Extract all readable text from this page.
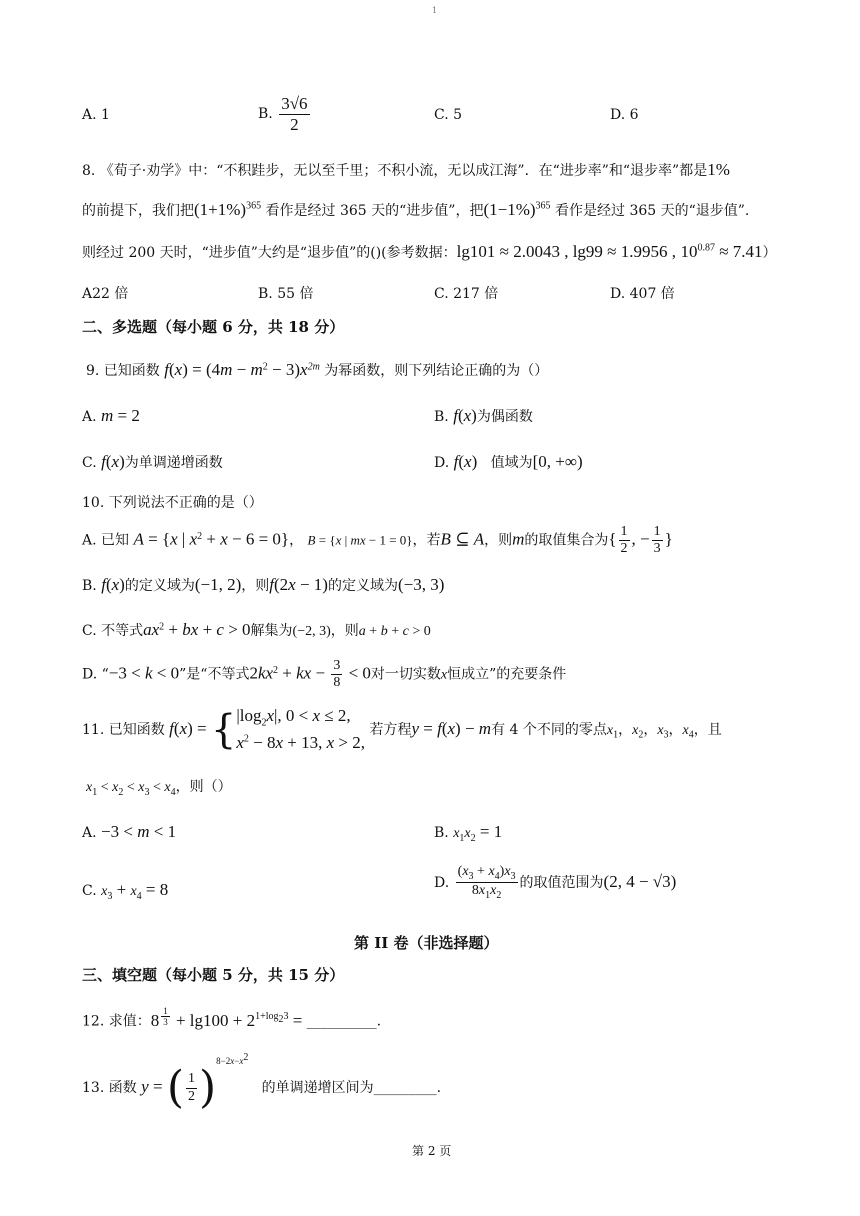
1
A. 1	B. $\frac{3√6}{2}$	C. 5	D. 6
8. 《荀子·劝学》中：“不积跬步，无以至千里；不积小流，无以成江海”．在“进步率”和“退步率”都是1%
的前提下，我们把$(1+1\%)^{365}$ 看作是经过 365 天的“进步值”，把$(1-1\%)^{365}$ 看作是经过 365 天的“退步值”.
则经过 200 天时，“进步值”大约是“退步值”的()(参考数据：lg101 ≈ 2.0043 , lg99 ≈ 1.9956 , $10^{0.87} \approx 7.41$）
A22 倍	B. 55 倍	C. 217 倍	D. 407 倍
二、多选题（每小题 6 分，共 18 分）
9. 已知函数 $f(x) = (4m - m^2 - 3)x^{2m}$ 为幂函数，则下列结论正确的为（）
A. m = 2	B. f(x)为偶函数
C. f(x)为单调递增函数	D. f(x) 值域为[0, +∞)
10. 下列说法不正确的是（）
A. 已知 A = {x | $x^2 + x - 6 = 0$}， B = {x | mx − 1 = 0}，若B ⊆ A，则m的取值集合为{ $\frac{1}{2}$ , − $\frac{1}{3}$ }
B. f(x)的定义域为(−1, 2)，则f(2x − 1)的定义域为(−3, 3)
C. 不等式$ax^2$ + bx + c > 0解集为(−2, 3)，则a + b + c > 0
D. “−3 < k < 0”是“不等式$2kx^2$ + kx − $\frac{3}{8} < 0$对一切实数x恒成立”的充要条件
11. 已知函数 f(x) = { $|\log_2x|$, 0 < x ≤ 2,
$x^2 - 8x + 13$, x > 2,
若方程y = f(x) − m有 4 个不同的零点$x_1$，$x_2$，$x_3$，$x_4$，且
$x_1 < x_2 < x_3 < x_4$，则（）
A. −3 < m < 1	B. $x_1x_2 = 1$
C. $x_3 + x_4 = 8$	D. $\frac{(x_3 + x_4)x_3}{8x_1x_2}$ 的取值范围为(2, 4 − √3)
第 II 卷（非选择题）
三、填空题（每小题 5 分，共 15 分）
12. 求值：8 $^{\frac{1}{3}} + \lg 100 + 2^{1+log_23}$ = __________.
13. 函数 y = ( $\frac{1}{2} )^{8-2x-x^2}$   的单调递增区间为_________.
第 2 页
